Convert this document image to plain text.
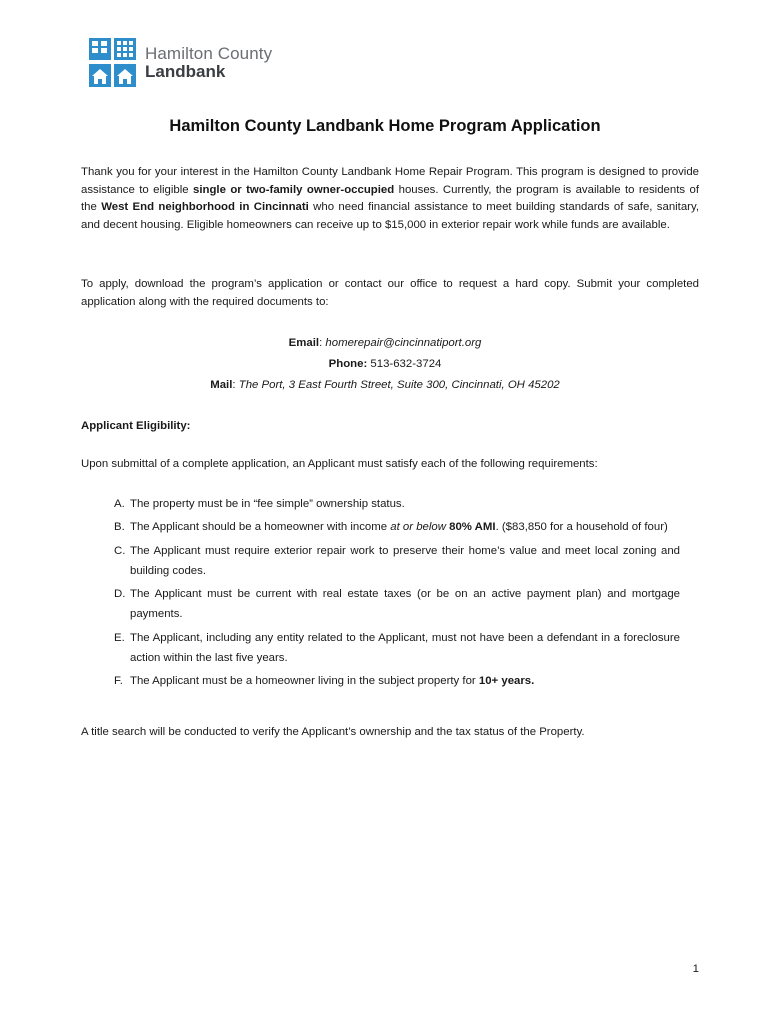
Hamilton County
Landbank
Hamilton County Landbank Home Program Application

Thank you for your interest in the Hamilton County Landbank Home Repair Program. This program is designed to provide assistance to eligible single or two-family owner-occupied houses. Currently, the program is available to residents of the West End neighborhood in Cincinnati who need financial assistance to meet building standards of safe, sanitary, and decent housing. Eligible homeowners can receive up to $15,000 in exterior repair work while funds are available.

To apply, download the program’s application or contact our office to request a hard copy. Submit your completed application along with the required documents to:

Email: homerepair@cincinnatiport.org
Phone: 513-632-3724
Mail: The Port, 3 East Fourth Street, Suite 300, Cincinnati, OH 45202

Applicant Eligibility:

Upon submittal of a complete application, an Applicant must satisfy each of the following requirements:

A. The property must be in “fee simple” ownership status.
B. The Applicant should be a homeowner with income at or below 80% AMI. ($83,850 for a household of four)
C. The Applicant must require exterior repair work to preserve their home’s value and meet local zoning and building codes.
D. The Applicant must be current with real estate taxes (or be on an active payment plan) and mortgage payments.
E. The Applicant, including any entity related to the Applicant, must not have been a defendant in a foreclosure action within the last five years.
F. The Applicant must be a homeowner living in the subject property for 10+ years.

A title search will be conducted to verify the Applicant’s ownership and the tax status of the Property.

1
